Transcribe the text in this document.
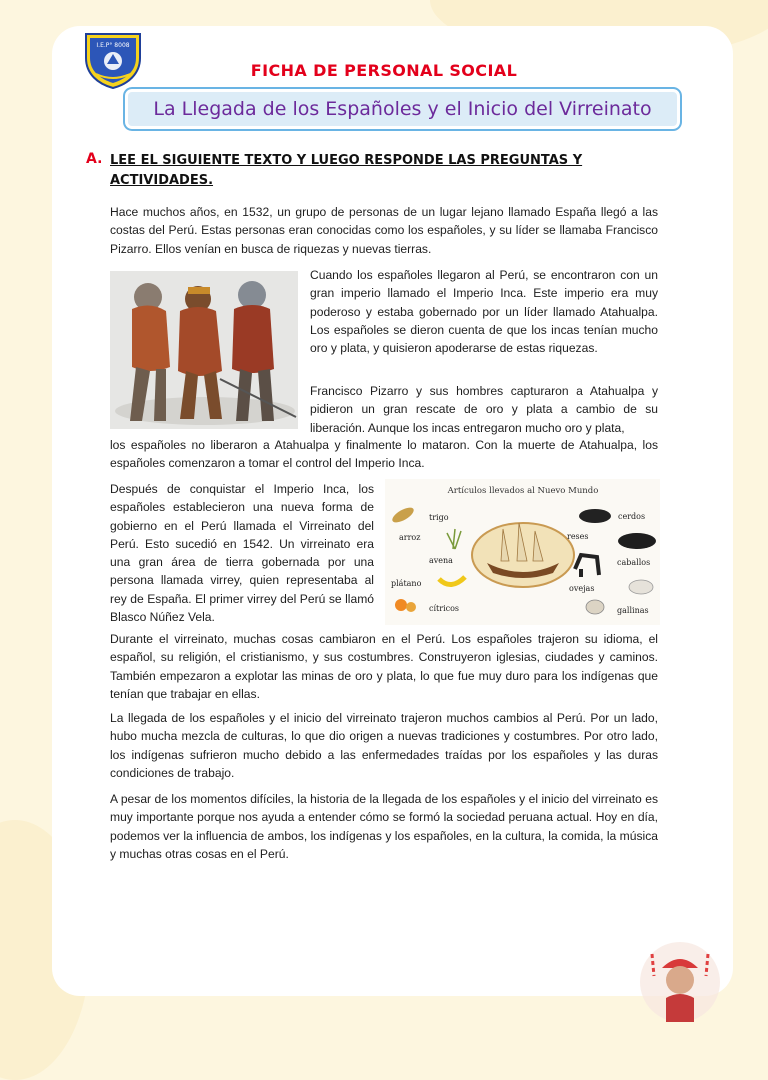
I.E.P° 8008
FICHA DE PERSONAL SOCIAL
La Llegada de los Españoles y el Inicio del Virreinato
A. LEE EL SIGUIENTE TEXTO Y LUEGO RESPONDE LAS PREGUNTAS Y ACTIVIDADES.

Hace muchos años, en 1532, un grupo de personas de un lugar lejano llamado España llegó a las costas del Perú. Estas personas eran conocidas como los españoles, y su líder se llamaba Francisco Pizarro. Ellos venían en busca de riquezas y nuevas tierras.

Cuando los españoles llegaron al Perú, se encontraron con un gran imperio llamado el Imperio Inca. Este imperio era muy poderoso y estaba gobernado por un líder llamado Atahualpa. Los españoles se dieron cuenta de que los incas tenían mucho oro y plata, y quisieron apoderarse de estas riquezas.

Francisco Pizarro y sus hombres capturaron a Atahualpa y pidieron un gran rescate de oro y plata a cambio de su liberación. Aunque los incas entregaron mucho oro y plata,

los españoles no liberaron a Atahualpa y finalmente lo mataron. Con la muerte de Atahualpa, los españoles comenzaron a tomar el control del Imperio Inca.

Después de conquistar el Imperio Inca, los españoles establecieron una nueva forma de gobierno en el Perú llamada el Virreinato del Perú. Esto sucedió en 1542. Un virreinato era una gran área de tierra gobernada por una persona llamada virrey, quien representaba al rey de España. El primer virrey del Perú se llamó Blasco Núñez Vela.

Artículos llevados al Nuevo Mundo
trigo
arroz
avena
plátano
cítricos
cerdos
reses
caballos
ovejas
gallinas

Durante el virreinato, muchas cosas cambiaron en el Perú. Los españoles trajeron su idioma, el español, su religión, el cristianismo, y sus costumbres. Construyeron iglesias, ciudades y caminos. También empezaron a explotar las minas de oro y plata, lo que fue muy duro para los indígenas que tenían que trabajar en ellas.

La llegada de los españoles y el inicio del virreinato trajeron muchos cambios al Perú. Por un lado, hubo mucha mezcla de culturas, lo que dio origen a nuevas tradiciones y costumbres. Por otro lado, los indígenas sufrieron mucho debido a las enfermedades traídas por los españoles y las duras condiciones de trabajo.

A pesar de los momentos difíciles, la historia de la llegada de los españoles y el inicio del virreinato es muy importante porque nos ayuda a entender cómo se formó la sociedad peruana actual. Hoy en día, podemos ver la influencia de ambos, los indígenas y los españoles, en la cultura, la comida, la música y muchas otras cosas en el Perú.
